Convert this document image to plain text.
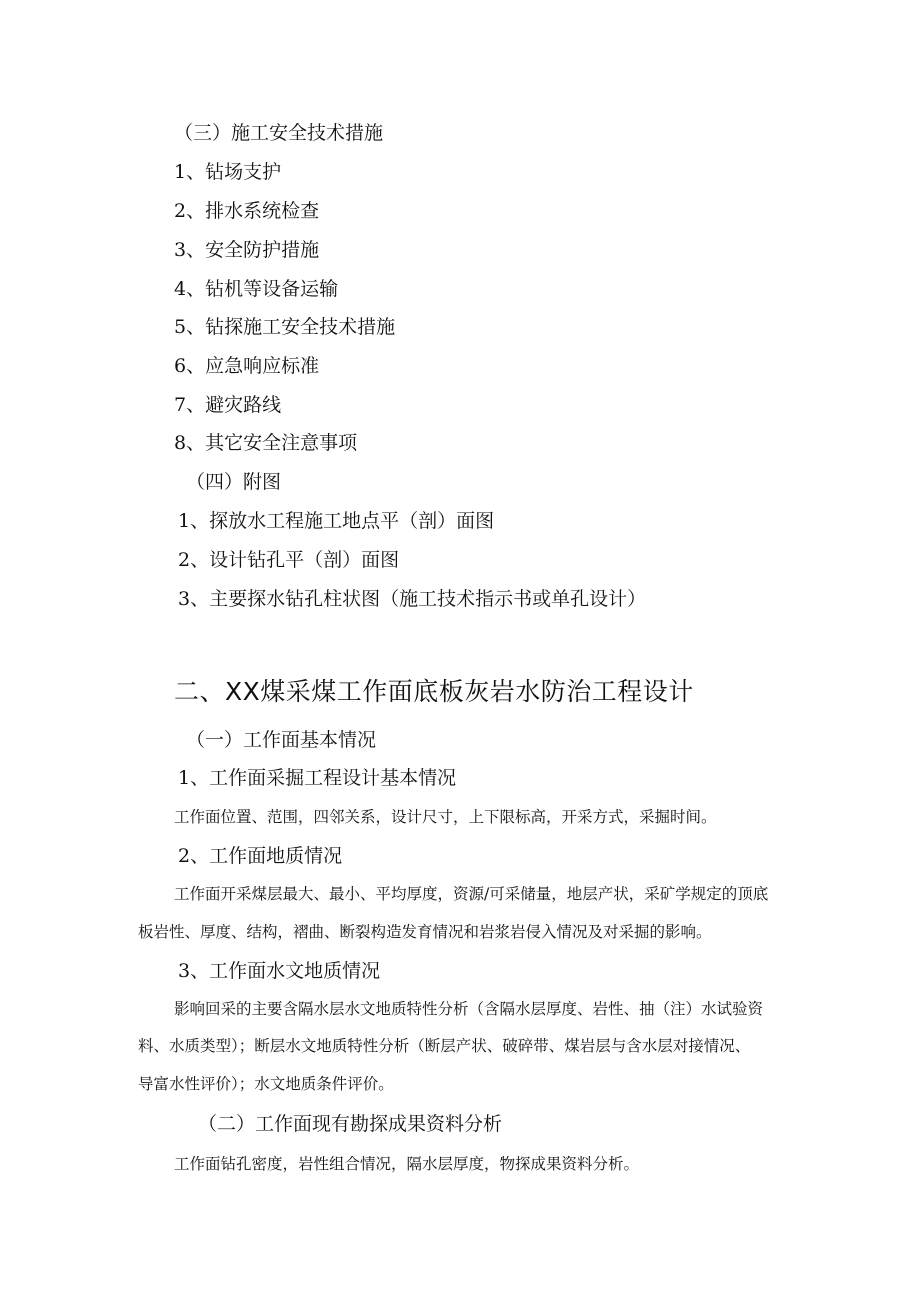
（三）施工安全技术措施
1、钻场支护
2、排水系统检查
3、安全防护措施
4、钻机等设备运输
5、钻探施工安全技术措施
6、应急响应标准
7、避灾路线
8、其它安全注意事项
（四）附图
1、探放水工程施工地点平（剖）面图
2、设计钻孔平（剖）面图
3、主要探水钻孔柱状图（施工技术指示书或单孔设计）
二、XX煤采煤工作面底板灰岩水防治工程设计
（一）工作面基本情况
1、工作面采掘工程设计基本情况
工作面位置、范围，四邻关系，设计尺寸，上下限标高，开采方式，采掘时间。
2、工作面地质情况
工作面开采煤层最大、最小、平均厚度，资源/可采储量，地层产状，采矿学规定的顶底
板岩性、厚度、结构，褶曲、断裂构造发育情况和岩浆岩侵入情况及对采掘的影响。
3、工作面水文地质情况
影响回采的主要含隔水层水文地质特性分析（含隔水层厚度、岩性、抽（注）水试验资
料、水质类型）；断层水文地质特性分析（断层产状、破碎带、煤岩层与含水层对接情况、
导富水性评价）；水文地质条件评价。
（二）工作面现有勘探成果资料分析
工作面钻孔密度，岩性组合情况，隔水层厚度，物探成果资料分析。
